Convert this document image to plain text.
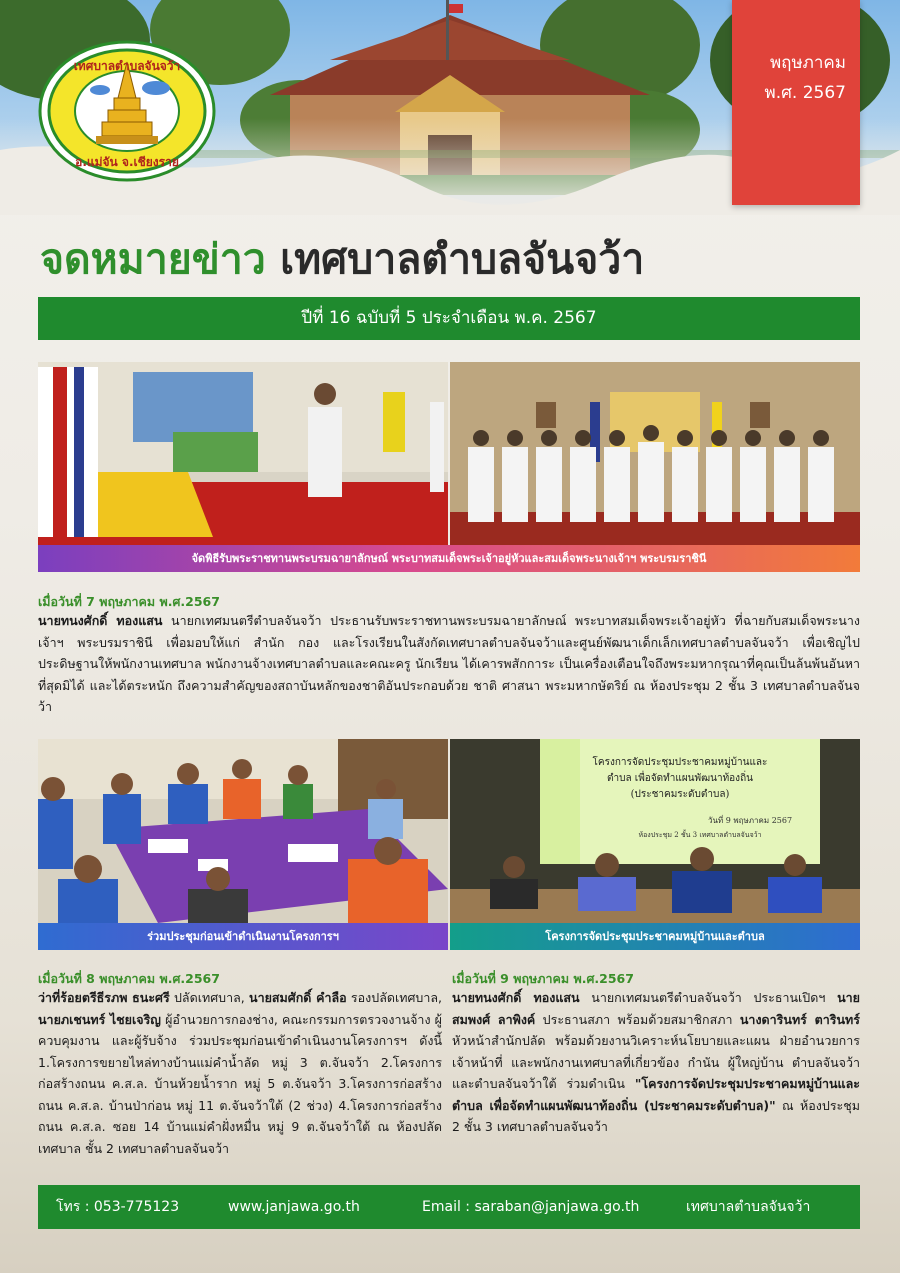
เทศบาลตำบลจันจว้า
อ.แม่จัน จ.เชียงราย
พฤษภาคม
พ.ศ. 2567
จดหมายข่าว เทศบาลตำบลจันจว้า
ปีที่ 16 ฉบับที่ 5 ประจำเดือน พ.ค. 2567
จัดพิธีรับพระราชทานพระบรมฉายาลักษณ์ พระบาทสมเด็จพระเจ้าอยู่หัวและสมเด็จพระนางเจ้าฯ พระบรมราชินี
เมื่อวันที่ 7 พฤษภาคม พ.ศ.2567
นายทนงศักดิ์ ทองแสน นายกเทศมนตรีตำบลจันจว้า ประธานรับพระราชทานพระบรมฉายาลักษณ์ พระบาทสมเด็จพระเจ้าอยู่หัว ที่ฉายกับสมเด็จพระนางเจ้าฯ พระบรมราชินี เพื่อมอบให้แก่ สำนัก กอง และโรงเรียนในสังกัดเทศบาลตำบลจันจว้าและศูนย์พัฒนาเด็กเล็กเทศบาลตำบลจันจว้า เพื่อเชิญไปประดิษฐานให้พนักงานเทศบาล พนักงานจ้างเทศบาลตำบลและคณะครู นักเรียน ได้เคารพสักการะ เป็นเครื่องเตือนใจถึงพระมหากรุณาที่คุณเป็นล้นพ้นอันหาที่สุดมิได้ และได้ตระหนัก ถึงความสำคัญของสถาบันหลักของชาติอันประกอบด้วย ชาติ ศาสนา พระมหากษัตริย์ ณ ห้องประชุม 2 ชั้น 3 เทศบาลตำบลจันจว้า
โครงการจัดประชุมประชาคมหมู่บ้านและ
ตำบล เพื่อจัดทำแผนพัฒนาท้องถิ่น
(ประชาคมระดับตำบล)
วันที่ 9 พฤษภาคม 2567
ห้องประชุม 2 ชั้น 3 เทศบาลตำบลจันจว้า
ร่วมประชุมก่อนเข้าดำเนินงานโครงการฯ	โครงการจัดประชุมประชาคมหมู่บ้านและตำบล
เมื่อวันที่ 8 พฤษภาคม พ.ศ.2567
ว่าที่ร้อยตรีธีรภพ ธนะศรี ปลัดเทศบาล, นายสมศักดิ์ คำลือ รองปลัดเทศบาล, นายภเชนทร์ ไชยเจริญ ผู้อำนวยการกองช่าง, คณะกรรมการตรวจงานจ้าง ผู้ควบคุมงาน และผู้รับจ้าง ร่วมประชุมก่อนเข้าดำเนินงานโครงการฯ ดังนี้ 1.โครงการขยายไหล่ทางบ้านแม่คำน้ำลัด หมู่ 3 ต.จันจว้า 2.โครงการก่อสร้างถนน ค.ส.ล. บ้านห้วยน้ำราก หมู่ 5 ต.จันจว้า 3.โครงการก่อสร้างถนน ค.ส.ล. บ้านป่าก่อน หมู่ 11 ต.จันจว้าใต้ (2 ช่วง) 4.โครงการก่อสร้างถนน ค.ส.ล. ซอย 14 บ้านแม่คำฝั่งหมื่น หมู่ 9 ต.จันจว้าใต้ ณ ห้องปลัดเทศบาล ชั้น 2 เทศบาลตำบลจันจว้า
เมื่อวันที่ 9 พฤษภาคม พ.ศ.2567
นายทนงศักดิ์ ทองแสน นายกเทศมนตรีตำบลจันจว้า ประธานเปิดฯ นายสมพงศ์ ลาพิงค์ ประธานสภา พร้อมด้วยสมาชิกสภา นางดารินทร์ ตารินทร์ หัวหน้าสำนักปลัด พร้อมด้วยงานวิเคราะห์นโยบายและแผน ฝ่ายอำนวยการ เจ้าหน้าที่ และพนักงานเทศบาลที่เกี่ยวข้อง กำนัน ผู้ใหญ่บ้าน ตำบลจันจว้าและตำบลจันจว้าใต้ ร่วมดำเนิน "โครงการจัดประชุมประชาคมหมู่บ้านและตำบล เพื่อจัดทำแผนพัฒนาท้องถิ่น (ประชาคมระดับตำบล)" ณ ห้องประชุม 2 ชั้น 3 เทศบาลตำบลจันจว้า
โทร : 053-775123	www.janjawa.go.th	Email : saraban@janjawa.go.th	เทศบาลตำบลจันจว้า
